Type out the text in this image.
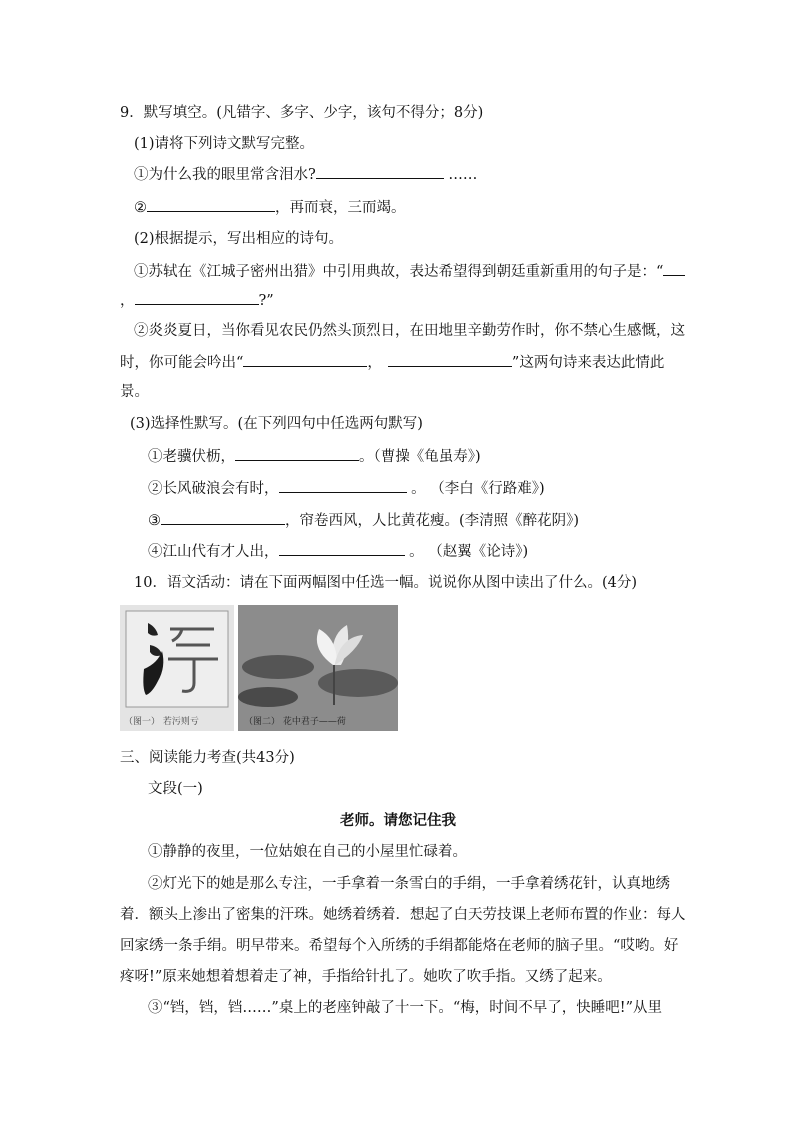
9．默写填空。(凡错字、多字、少字，该句不得分；8分)
(1)请将下列诗文默写完整。
①为什么我的眼里常含泪水?	……
②	，再而衰，三而竭。
(2)根据提示，写出相应的诗句。
①苏轼在《江城子密州出猎》中引用典故，表达希望得到朝廷重新重用的句子是：“
，	?”
②炎炎夏日，当你看见农民仍然头顶烈日，在田地里辛勤劳作时，你不禁心生感慨，这
时，你可能会吟出“	，	”这两句诗来表达此情此
景。
(3)选择性默写。(在下列四句中任选两句默写)
①老骥伏枥，	。（曹操《龟虽寿》)
②长风破浪会有时，	。 （李白《行路难》)
③	，帘卷西风，人比黄花瘦。(李清照《醉花阴》)
④江山代有才人出，	。 （赵翼《论诗》)
10．语文活动：请在下面两幅图中任选一幅。说说你从图中读出了什么。(4分)
（图一） 若污则亏	（图二） 花中君子——荷
三、阅读能力考查(共43分)
文段(一)
老师。请您记住我
①静静的夜里，一位姑娘在自己的小屋里忙碌着。
②灯光下的她是那么专注，一手拿着一条雪白的手绢，一手拿着绣花针，认真地绣
着．额头上渗出了密集的汗珠。她绣着绣着．想起了白天劳技课上老师布置的作业：每人
回家绣一条手绢。明早带来。希望每个入所绣的手绢都能烙在老师的脑子里。“哎哟。好
疼呀!”原来她想着想着走了神，手指给针扎了。她吹了吹手指。又绣了起来。
③“铛，铛，铛……”桌上的老座钟敲了十一下。“梅，时间不早了，快睡吧!”从里
